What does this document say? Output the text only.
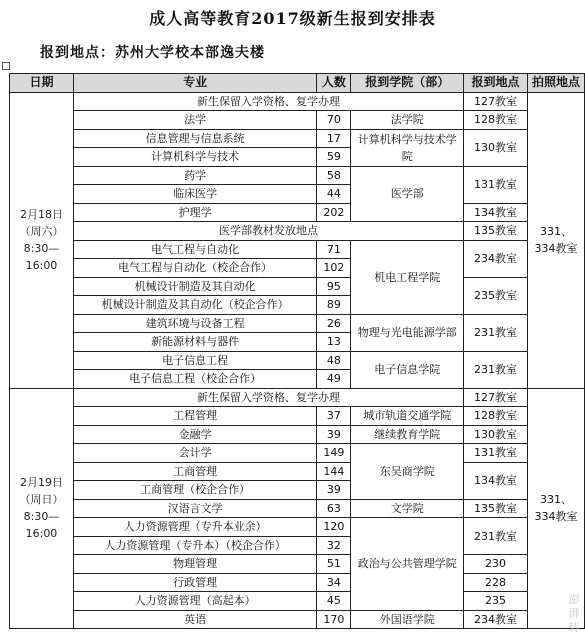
成人高等教育2017级新生报到安排表
报到地点：苏州大学校本部逸夫楼
日期	专业	人数	报到学院（部）	报到地点	拍照地点

2月18日
（周六）
8:30—
16:00	新生保留入学资格、复学办理			127教室	331、334教室
	法学	70	法学院	128教室	
	信息管理与信息系统	17	计算机科学与技术学院	130教室	
	计算机科学与技术	59			
	药学	58	医学部	131教室	
	临床医学	44			
	护理学	202		134教室	
	医学部教材发放地点			135教室	
	电气工程与自动化	71	机电工程学院	234教室	
	电气工程与自动化（校企合作）	102			
	机械设计制造及其自动化	95		235教室	
	机械设计制造及其自动化（校企合作）	89			
	建筑环境与设备工程	26	物理与光电能源学部	231教室	
	新能源材料与器件	13			
	电子信息工程	48	电子信息学院	231教室	
	电子信息工程（校企合作）	49			

2月19日
（周日）
8:30—
16:00	新生保留入学资格、复学办理			127教室	331、334教室
	工程管理	37	城市轨道交通学院	128教室	
	金融学	39	继续教育学院	130教室	
	会计学	149	东吴商学院	131教室	
	工商管理	144		134教室	
	工商管理（校企合作）	39			
	汉语言文学	63	文学院	135教室	
	人力资源管理（专升本业余）	120	政治与公共管理学院	231教室	
	人力资源管理（专升本）（校企合作）	32			
	物理管理	51		230	
	行政管理	34		228	
	人力资源管理（高起本）	45		235	
	英语	170	外国语学院	234教室	
澎湃转
